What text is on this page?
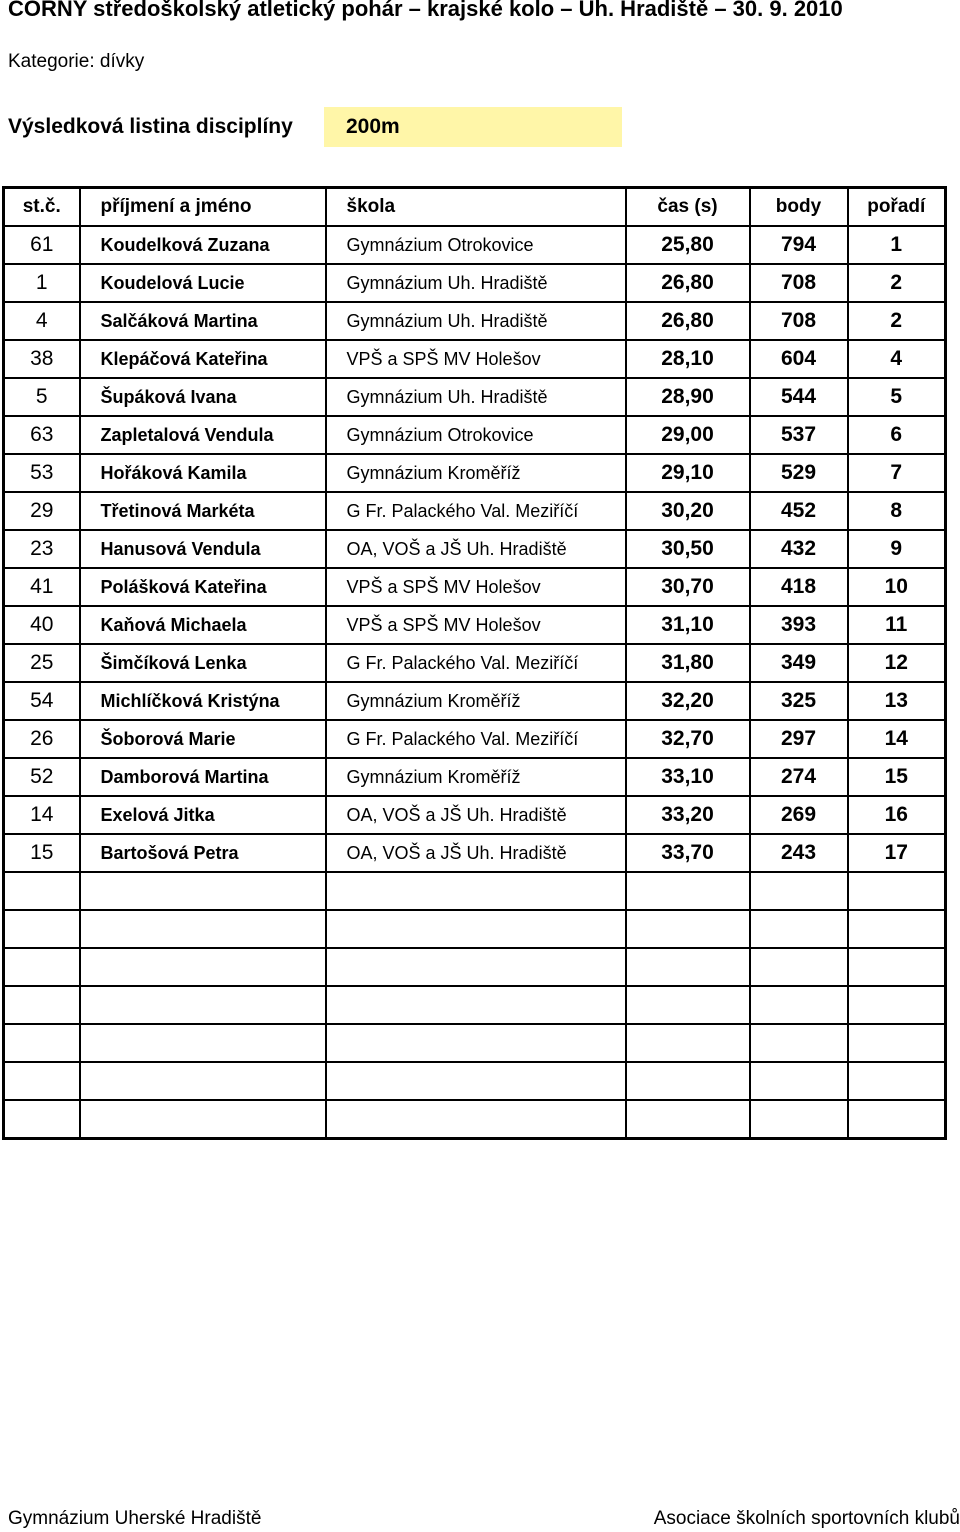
CORNY středoškolský atletický pohár – krajské kolo – Uh. Hradiště – 30. 9. 2010
Kategorie: dívky
Výsledková listina disciplíny	200m
st.č.	příjmení a jméno	škola	čas (s)	body	pořadí
61	Koudelková Zuzana	Gymnázium Otrokovice	25,80	794	1
1	Koudelová Lucie	Gymnázium Uh. Hradiště	26,80	708	2
4	Salčáková Martina	Gymnázium Uh. Hradiště	26,80	708	2
38	Klepáčová Kateřina	VPŠ a SPŠ MV Holešov	28,10	604	4
5	Šupáková Ivana	Gymnázium Uh. Hradiště	28,90	544	5
63	Zapletalová Vendula	Gymnázium Otrokovice	29,00	537	6
53	Hořáková Kamila	Gymnázium Kroměříž	29,10	529	7
29	Třetinová Markéta	G Fr. Palackého Val. Meziříčí	30,20	452	8
23	Hanusová Vendula	OA, VOŠ a JŠ Uh. Hradiště	30,50	432	9
41	Polášková Kateřina	VPŠ a SPŠ MV Holešov	30,70	418	10
40	Kaňová Michaela	VPŠ a SPŠ MV Holešov	31,10	393	11
25	Šimčíková Lenka	G Fr. Palackého Val. Meziříčí	31,80	349	12
54	Michlíčková Kristýna	Gymnázium Kroměříž	32,20	325	13
26	Šoborová Marie	G Fr. Palackého Val. Meziříčí	32,70	297	14
52	Damborová Martina	Gymnázium Kroměříž	33,10	274	15
14	Exelová Jitka	OA, VOŠ a JŠ Uh. Hradiště	33,20	269	16
15	Bartošová Petra	OA, VOŠ a JŠ Uh. Hradiště	33,70	243	17

Gymnázium Uherské Hradiště	Asociace školních sportovních klubů
